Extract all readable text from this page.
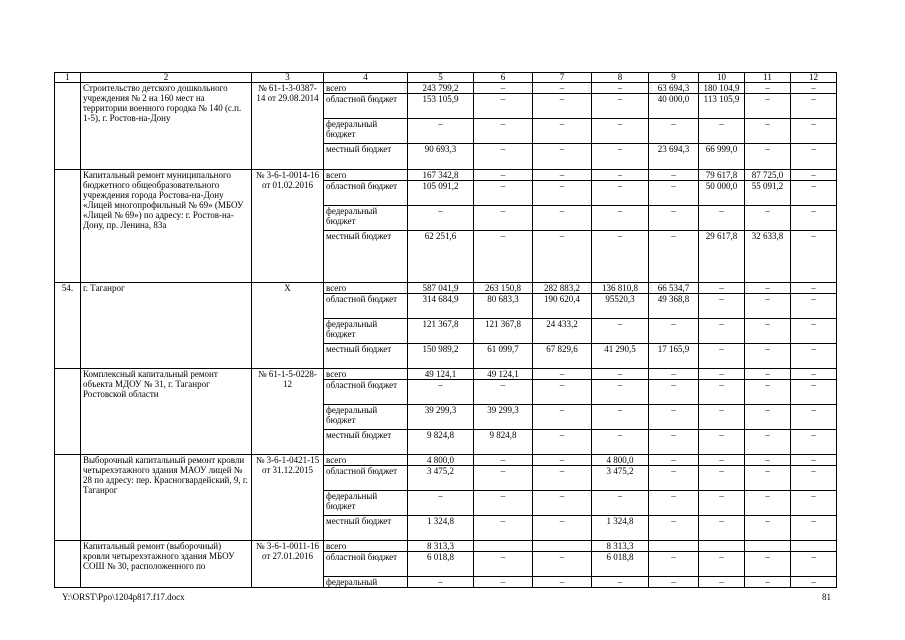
1	2	3	4	5	6	7	8	9	10	11	12
	Строительство детского дошкольного учреждения № 2 на 160 мест на территории военного городка № 140 (с.п. 1-5), г. Ростов-на-Дону	№ 61-1-3-0387-14 от 29.08.2014	всего	243 799,2	–	–	–	63 694,3	180 104,9	–	–
			областной бюджет	153 105,9	–	–	–	40 000,0	113 105,9	–	–
			федеральный бюджет	–	–	–	–	–	–	–	–
			местный бюджет	90 693,3	–	–	–	23 694,3	66 999,0	–	–
	Капитальный ремонт муниципального бюджетного общеобразовательного учреждения города Ростова-на-Дону «Лицей многопрофильный № 69» (МБОУ «Лицей № 69») по адресу: г. Ростов-на-Дону, пр. Ленина, 83а	№ 3-6-1-0014-16 от 01.02.2016	всего	167 342,8	–	–	–	–	79 617,8	87 725,0	–
			областной бюджет	105 091,2	–	–	–	–	50 000,0	55 091,2	–
			федеральный бюджет	–	–	–	–	–	–	–	–
			местный бюджет	62 251,6	–	–	–	–	29 617,8	32 633,8	–
54.	г. Таганрог	Х	всего	587 041,9	263 150,8	282 883,2	136 810,8	66 534,7	–	–	–
			областной бюджет	314 684,9	80 683,3	190 620,4	95520,3	49 368,8	–	–	–
			федеральный бюджет	121 367,8	121 367,8	24 433,2	–	–	–	–	–
			местный бюджет	150 989,2	61 099,7	67 829,6	41 290,5	17 165,9	–	–	–
	Комплексный капитальный ремонт объекта МДОУ № 31, г. Таганрог Ростовской области	№ 61-1-5-0228-12	всего	49 124,1	49 124,1	–	–	–	–	–	–
			областной бюджет	–	–	–	–	–	–	–	–
			федеральный бюджет	39 299,3	39 299,3	–	–	–	–	–	–
			местный бюджет	9 824,8	9 824,8	–	–	–	–	–	–
	Выборочный капитальный ремонт кровли четырехэтажного здания МАОУ лицей № 28 по адресу: пер. Красногвардейский, 9, г. Таганрог	№ 3-6-1-0421-15 от 31.12.2015	всего	4 800,0	–	–	4 800,0	–	–	–	–
			областной бюджет	3 475,2	–	–	3 475,2	–	–	–	–
			федеральный бюджет	–	–	–	–	–	–	–	–
			местный бюджет	1 324,8	–	–	1 324,8	–	–	–	–
	Капитальный ремонт (выборочный) кровли четырехэтажного здания МБОУ СОШ № 30, расположенного по	№ 3-6-1-0011-16 от 27.01.2016	всего	8 313,3			8 313,3				
			областной бюджет	6 018,8	–	–	6 018,8	–	–	–	–
			федеральный	–	–	–	–	–	–	–	–
Y:\ORST\Ppo\1204p817.f17.docx	81
